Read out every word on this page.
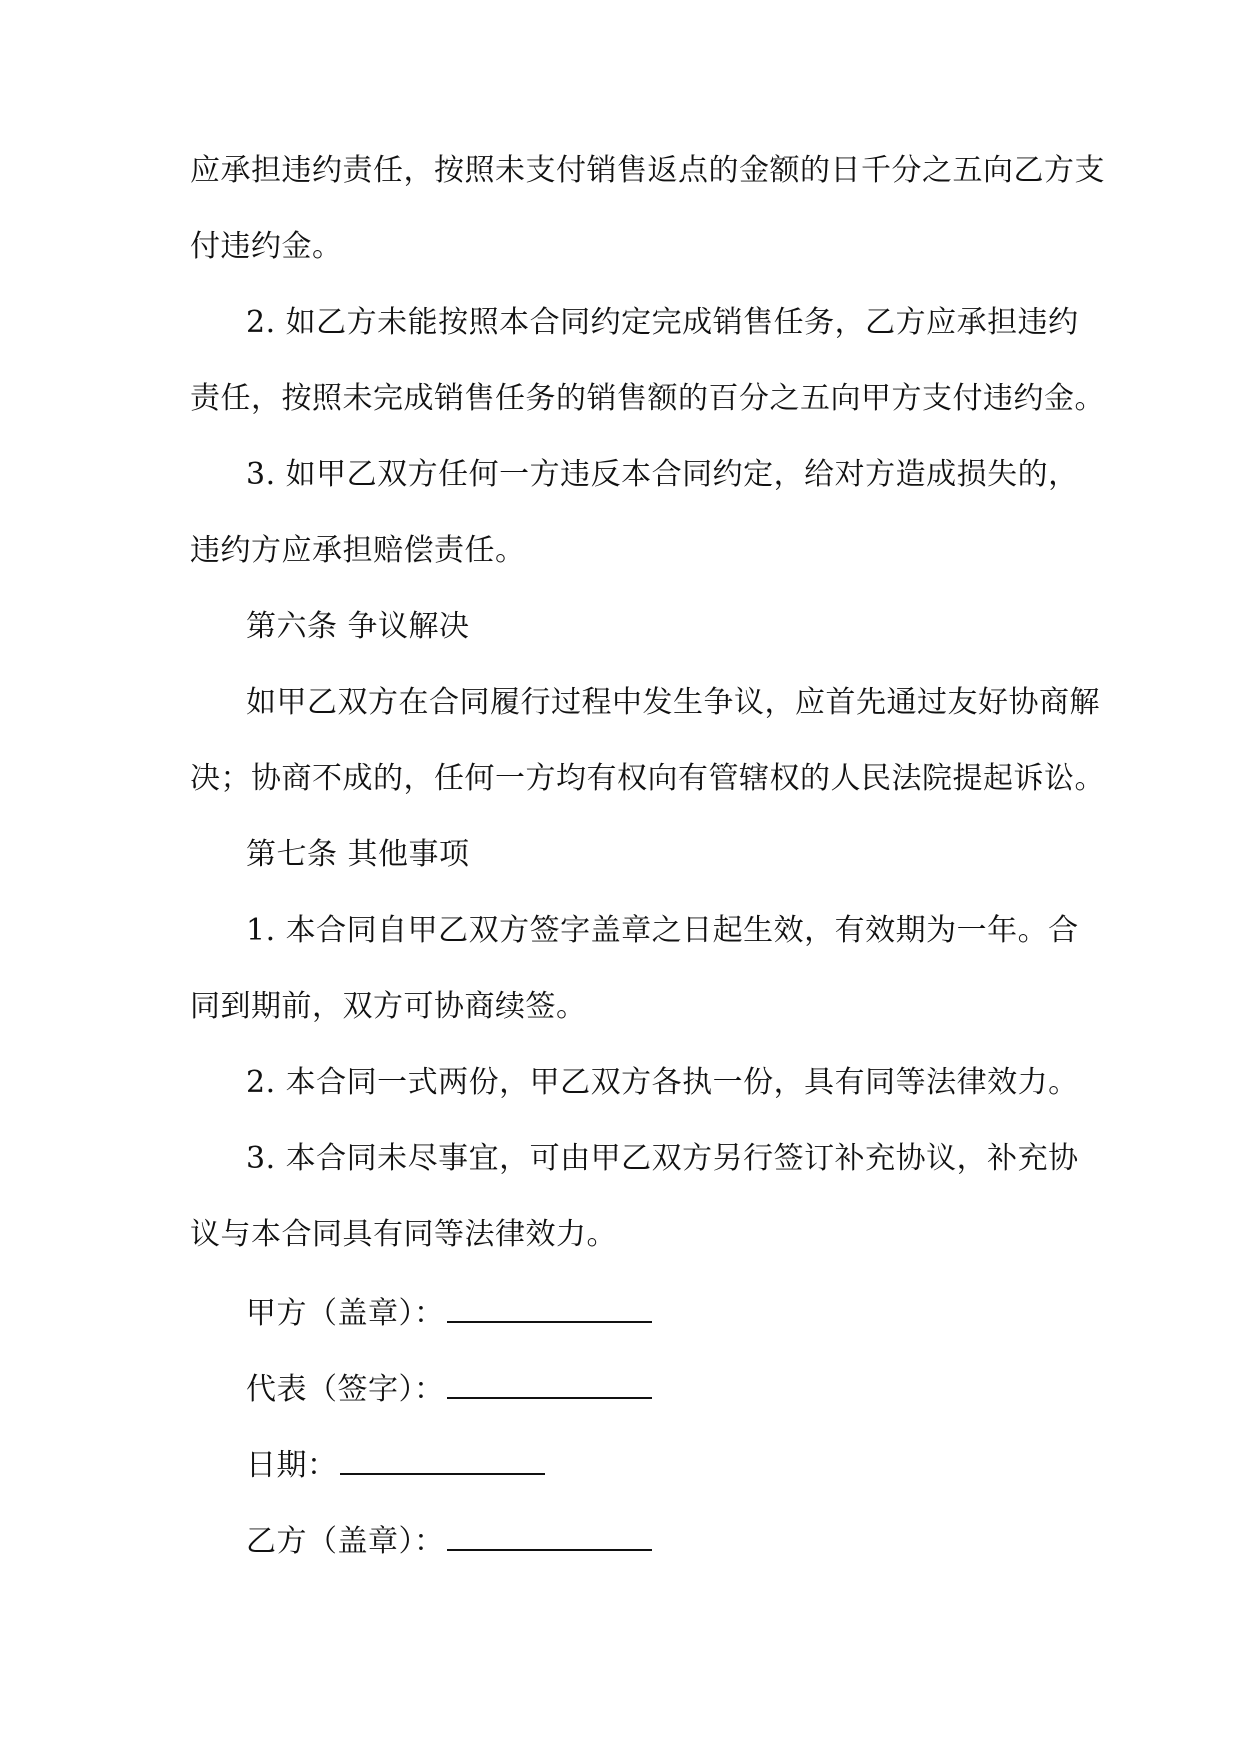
应承担违约责任，按照未支付销售返点的金额的日千分之五向乙方支
付违约金。
2. 如乙方未能按照本合同约定完成销售任务，乙方应承担违约
责任，按照未完成销售任务的销售额的百分之五向甲方支付违约金。
3. 如甲乙双方任何一方违反本合同约定，给对方造成损失的，
违约方应承担赔偿责任。
第六条 争议解决
如甲乙双方在合同履行过程中发生争议，应首先通过友好协商解
决；协商不成的，任何一方均有权向有管辖权的人民法院提起诉讼。
第七条 其他事项
1. 本合同自甲乙双方签字盖章之日起生效，有效期为一年。合
同到期前，双方可协商续签。
2. 本合同一式两份，甲乙双方各执一份，具有同等法律效力。
3. 本合同未尽事宜，可由甲乙双方另行签订补充协议，补充协
议与本合同具有同等法律效力。
甲方（盖章）：
代表（签字）：
日期：
乙方（盖章）：
